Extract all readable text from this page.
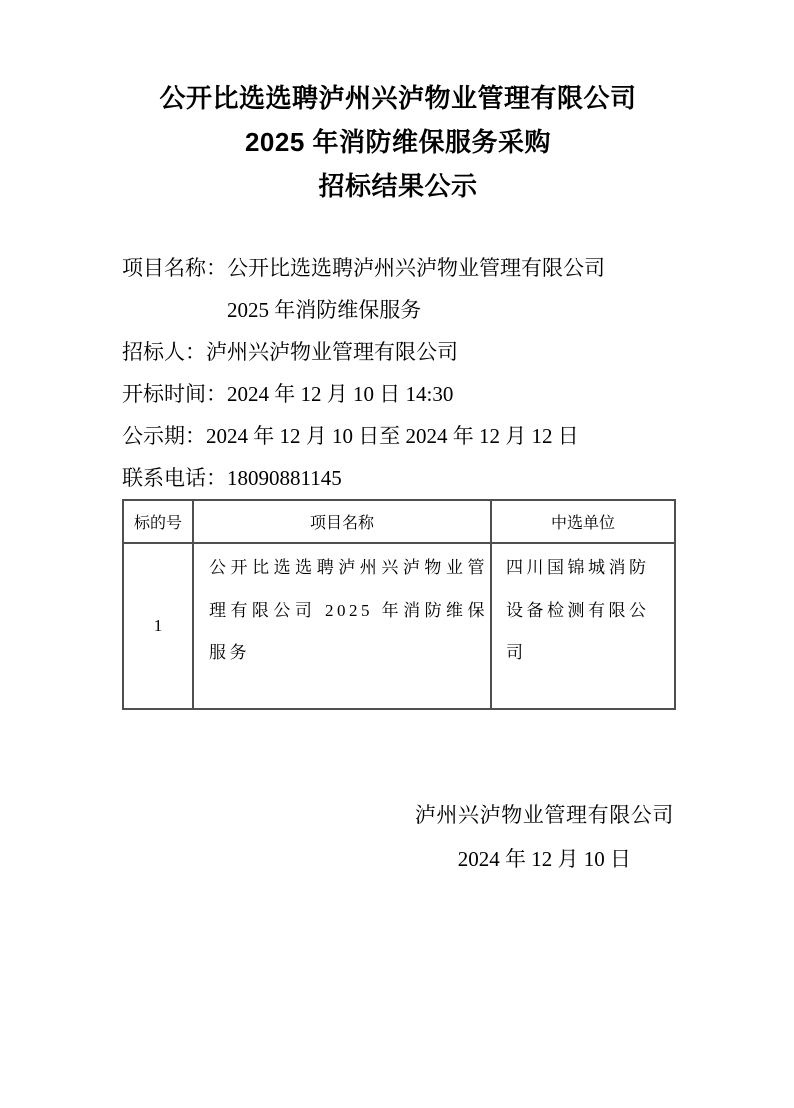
公开比选选聘泸州兴泸物业管理有限公司
2025 年消防维保服务采购
招标结果公示
项目名称： 公开比选选聘泸州兴泸物业管理有限公司 2025 年消防维保服务
招标人： 泸州兴泸物业管理有限公司
开标时间： 2024 年 12 月 10 日 14:30
公示期： 2024 年 12 月 10 日至 2024 年 12 月 12 日
联系电话： 18090881145
标的号	项目名称	中选单位
1	公开比选选聘泸州兴泸物业管理有限公司 2025 年消防维保服务	四川国锦城消防设备检测有限公司
泸州兴泸物业管理有限公司
2024 年 12 月 10 日
